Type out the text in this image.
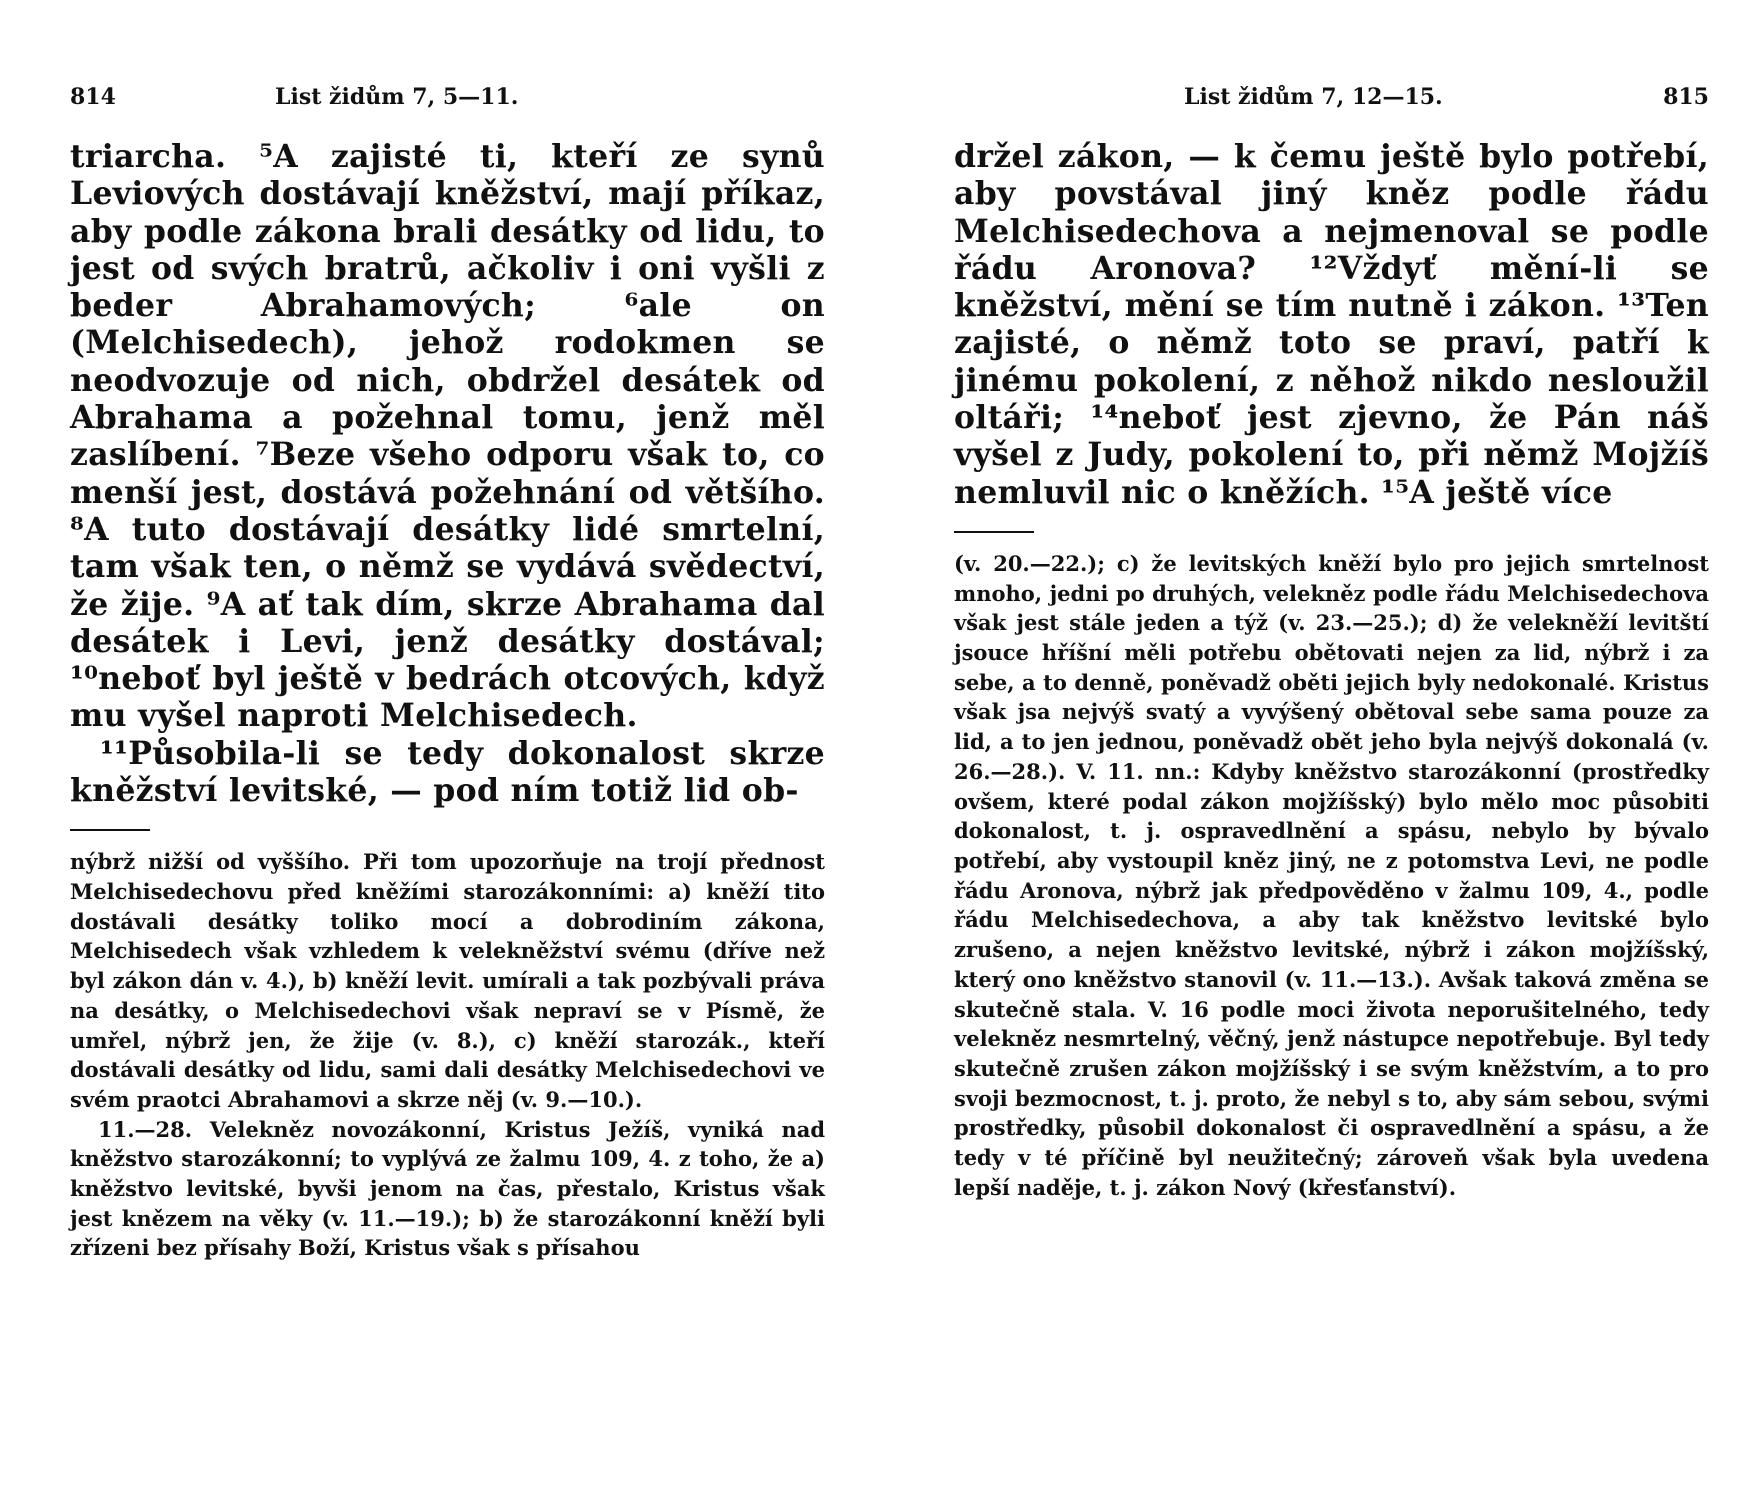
814	List židům 7, 5—11.

triarcha. ⁵A zajisté ti, kteří ze synů Leviových dostávají kněžství, mají příkaz, aby podle zákona brali desátky od lidu, to jest od svých bratrů, ačkoliv i oni vyšli z beder Abrahamových; ⁶ale on (Melchisedech), jehož rodokmen se neodvozuje od nich, obdržel desátek od Abrahama a požehnal tomu, jenž měl zaslíbení. ⁷Beze všeho odporu však to, co menší jest, dostává požehnání od většího. ⁸A tuto dostávají desátky lidé smrtelní, tam však ten, o němž se vydává svědectví, že žije. ⁹A ať tak dím, skrze Abrahama dal desátek i Levi, jenž desátky dostával; ¹⁰neboť byl ještě v bedrách otcových, když mu vyšel naproti Melchisedech.

¹¹Působila-li se tedy dokonalost skrze kněžství levitské, — pod ním totiž lid ob-

nýbrž nižší od vyššího. Při tom upozorňuje na trojí přednost Melchisedechovu před kněžími starozákonními: a) kněží tito dostávali desátky toliko mocí a dobrodiním zákona, Melchisedech však vzhledem k velekněžství svému (dříve než byl zákon dán v. 4.), b) kněží levit. umírali a tak pozbývali práva na desátky, o Melchisedechovi však nepraví se v Písmě, že umřel, nýbrž jen, že žije (v. 8.), c) kněží starozák., kteří dostávali desátky od lidu, sami dali desátky Melchisedechovi ve svém praotci Abrahamovi a skrze něj (v. 9.—10.).

11.—28. Velekněz novozákonní, Kristus Ježíš, vyniká nad kněžstvo starozákonní; to vyplývá ze žalmu 109, 4. z toho, že a) kněžstvo levitské, byvši jenom na čas, přestalo, Kristus však jest knězem na věky (v. 11.—19.); b) že starozákonní kněží byli zřízeni bez přísahy Boží, Kristus však s přísahou

List židům 7, 12—15.	815

držel zákon, — k čemu ještě bylo potřebí, aby povstával jiný kněz podle řádu Melchisedechova a nejmenoval se podle řádu Aronova? ¹²Vždyť mění-li se kněžství, mění se tím nutně i zákon. ¹³Ten zajisté, o němž toto se praví, patří k jinému pokolení, z něhož nikdo nesloužil oltáři; ¹⁴neboť jest zjevno, že Pán náš vyšel z Judy, pokolení to, při němž Mojžíš nemluvil nic o kněžích. ¹⁵A ještě více

(v. 20.—22.); c) že levitských kněží bylo pro jejich smrtelnost mnoho, jedni po druhých, velekněz podle řádu Melchisedechova však jest stále jeden a týž (v. 23.—25.); d) že velekněží levitští jsouce hříšní měli potřebu obětovati nejen za lid, nýbrž i za sebe, a to denně, poněvadž oběti jejich byly nedokonalé. Kristus však jsa nejvýš svatý a vyvýšený obětoval sebe sama pouze za lid, a to jen jednou, poněvadž obět jeho byla nejvýš dokonalá (v. 26.—28.). V. 11. nn.: Kdyby kněžstvo starozákonní (prostředky ovšem, které podal zákon mojžíšský) bylo mělo moc působiti dokonalost, t. j. ospravedlnění a spásu, nebylo by bývalo potřebí, aby vystoupil kněz jiný, ne z potomstva Levi, ne podle řádu Aronova, nýbrž jak předpověděno v žalmu 109, 4., podle řádu Melchisedechova, a aby tak kněžstvo levitské bylo zrušeno, a nejen kněžstvo levitské, nýbrž i zákon mojžíšský, který ono kněžstvo stanovil (v. 11.—13.). Avšak taková změna se skutečně stala. V. 16 podle moci života neporušitelného, tedy velekněz nesmrtelný, věčný, jenž nástupce nepotřebuje. Byl tedy skutečně zrušen zákon mojžíšský i se svým kněžstvím, a to pro svoji bezmocnost, t. j. proto, že nebyl s to, aby sám sebou, svými prostředky, působil dokonalost či ospravedlnění a spásu, a že tedy v té příčině byl neužitečný; zároveň však byla uvedena lepší naděje, t. j. zákon Nový (křesťanství).
